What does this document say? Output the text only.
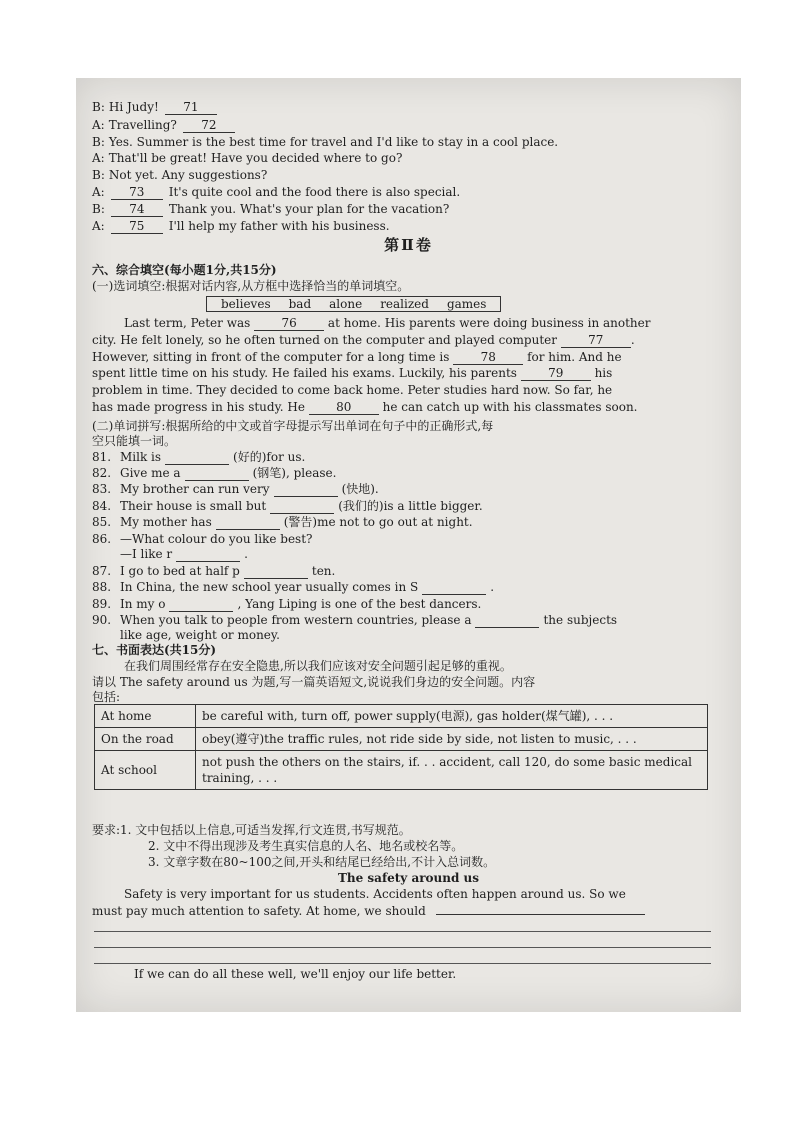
B: Hi Judy! 71
A: Travelling? 72
B: Yes. Summer is the best time for travel and I'd like to stay in a cool place.
A: That'll be great! Have you decided where to go?
B: Not yet. Any suggestions?
A: 73 It's quite cool and the food there is also special.
B: 74 Thank you. What's your plan for the vacation?
A: 75 I'll help my father with his business.
第Ⅱ卷
六、综合填空(每小题1分,共15分)
(一)选词填空:根据对话内容,从方框中选择恰当的单词填空。
believes bad alone realized games
Last term, Peter was 76 at home. His parents were doing business in another
city. He felt lonely, so he often turned on the computer and played computer 77 .
However, sitting in front of the computer for a long time is 78 for him. And he
spent little time on his study. He failed his exams. Luckily, his parents 79 his
problem in time. They decided to come back home. Peter studies hard now. So far, he
has made progress in his study. He 80 he can catch up with his classmates soon.
(二)单词拼写:根据所给的中文或首字母提示写出单词在句子中的正确形式,每
空只能填一词。
81. Milk is	(好的)for us.
82. Give me a	(钢笔), please.
83. My brother can run very	(快地).
84. Their house is small but	(我们的)is a little bigger.
85. My mother has	(警告)me not to go out at night.
86. —What colour do you like best?
—I like r	.
87. I go to bed at half p	ten.
88. In China, the new school year usually comes in S	.
89. In my o	, Yang Liping is one of the best dancers.
90. When you talk to people from western countries, please a	the subjects
like age, weight or money.
七、书面表达(共15分)
在我们周围经常存在安全隐患,所以我们应该对安全问题引起足够的重视。
请以 The safety around us 为题,写一篇英语短文,说说我们身边的安全问题。内容
包括:
At home	be careful with, turn off, power supply(电源), gas holder(煤气罐), . . .
On the road	obey(遵守)the traffic rules, not ride side by side, not listen to music, . . .
At school	not push the others on the stairs, if. . . accident, call 120, do some basic medical training, . . .
要求:1. 文中包括以上信息,可适当发挥,行文连贯,书写规范。
2. 文中不得出现涉及考生真实信息的人名、地名或校名等。
3. 文章字数在80~100之间,开头和结尾已经给出,不计入总词数。
The safety around us
Safety is very important for us students. Accidents often happen around us. So we
must pay much attention to safety. At home, we should
If we can do all these well, we'll enjoy our life better.
